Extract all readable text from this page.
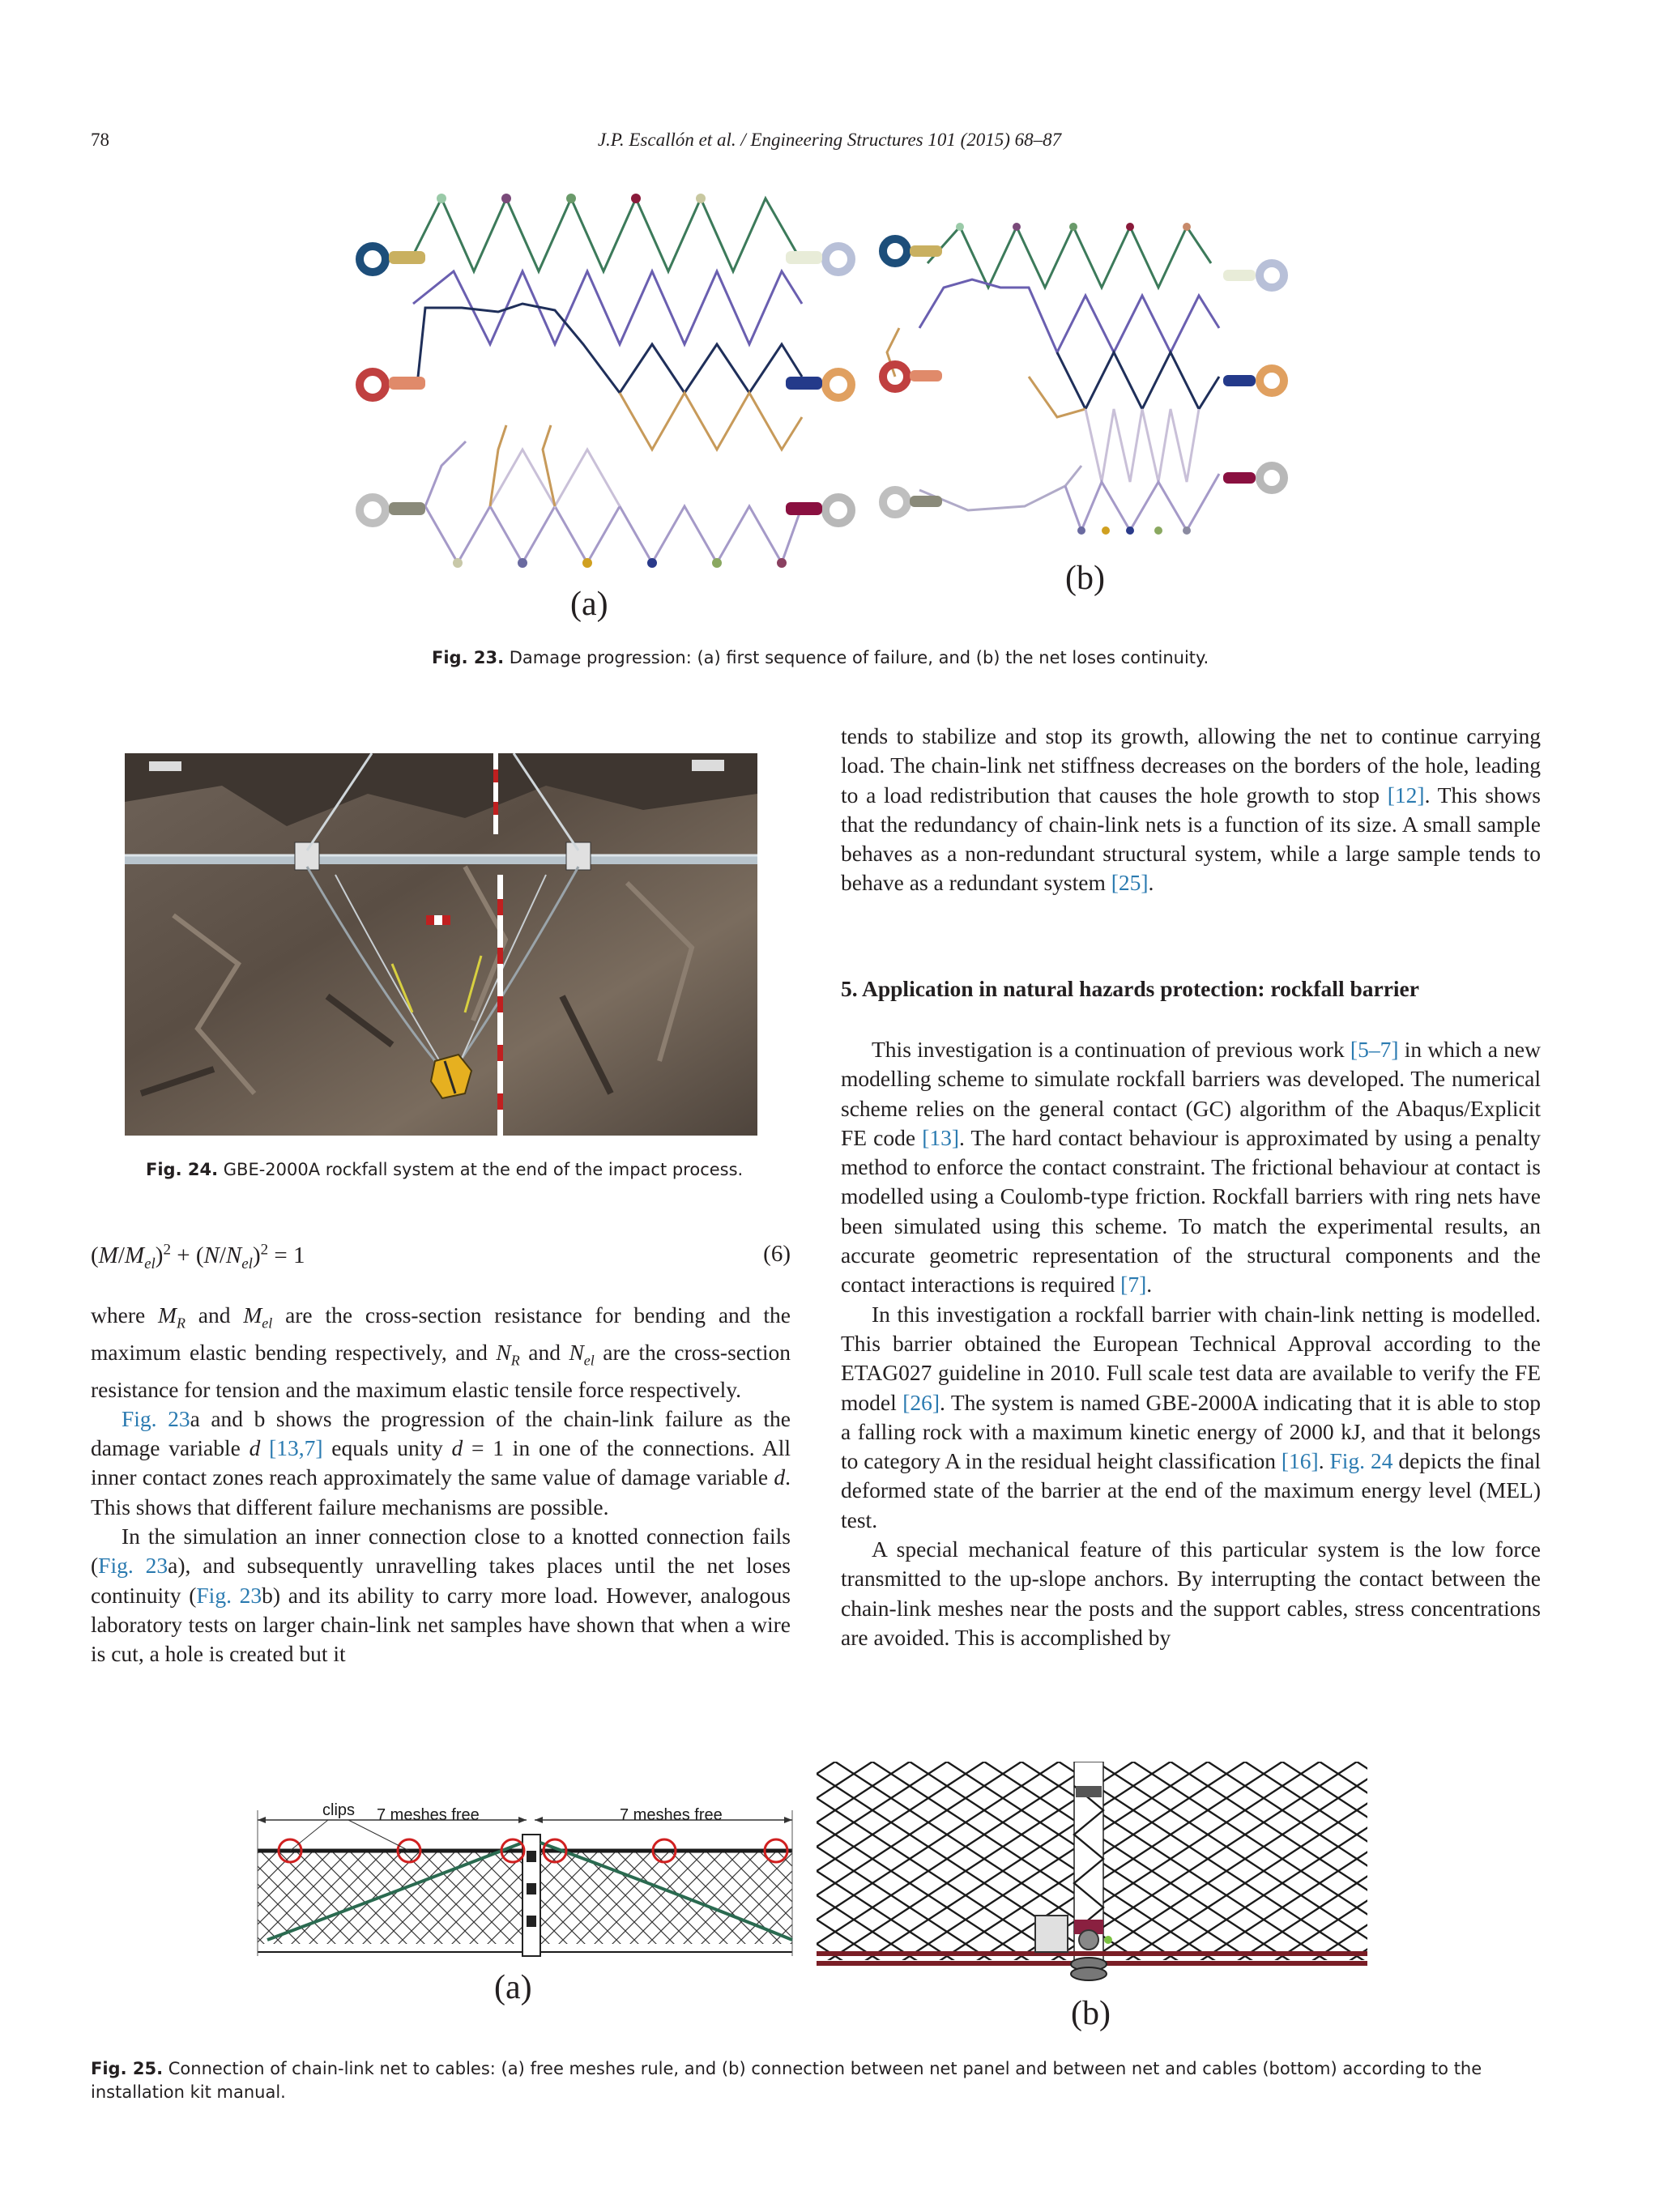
78	J.P. Escallón et al. / Engineering Structures 101 (2015) 68–87
(a)
(b)
Fig. 23. Damage progression: (a) first sequence of failure, and (b) the net loses continuity.
Fig. 24. GBE-2000A rockfall system at the end of the impact process.
$(M/M_{el})^2 + (N/N_{el})^2 = 1$	(6)

where $M_R$ and $M_{el}$ are the cross-section resistance for bending and the maximum elastic bending respectively, and $N_R$ and $N_{el}$ are the cross-section resistance for tension and the maximum elastic tensile force respectively.

Fig. 23a and b shows the progression of the chain-link failure as the damage variable d [13,7] equals unity d = 1 in one of the connections. All inner contact zones reach approximately the same value of damage variable d. This shows that different failure mechanisms are possible.

In the simulation an inner connection close to a knotted connection fails (Fig. 23a), and subsequently unravelling takes places until the net loses continuity (Fig. 23b) and its ability to carry more load. However, analogous laboratory tests on larger chain-link net samples have shown that when a wire is cut, a hole is created but it

tends to stabilize and stop its growth, allowing the net to continue carrying load. The chain-link net stiffness decreases on the borders of the hole, leading to a load redistribution that causes the hole growth to stop [12]. This shows that the redundancy of chain-link nets is a function of its size. A small sample behaves as a non-redundant structural system, while a large sample tends to behave as a redundant system [25].

5. Application in natural hazards protection: rockfall barrier

This investigation is a continuation of previous work [5–7] in which a new modelling scheme to simulate rockfall barriers was developed. The numerical scheme relies on the general contact (GC) algorithm of the Abaqus/Explicit FE code [13]. The hard contact behaviour is approximated by using a penalty method to enforce the contact constraint. The frictional behaviour at contact is modelled using a Coulomb-type friction. Rockfall barriers with ring nets have been simulated using this scheme. To match the experimental results, an accurate geometric representation of the structural components and the contact interactions is required [7].

In this investigation a rockfall barrier with chain-link netting is modelled. This barrier obtained the European Technical Approval according to the ETAG027 guideline in 2010. Full scale test data are available to verify the FE model [26]. The system is named GBE-2000A indicating that it is able to stop a falling rock with a maximum kinetic energy of 2000 kJ, and that it belongs to category A in the residual height classification [16]. Fig. 24 depicts the final deformed state of the barrier at the end of the maximum energy level (MEL) test.

A special mechanical feature of this particular system is the low force transmitted to the up-slope anchors. By interrupting the contact between the chain-link meshes near the posts and the support cables, stress concentrations are avoided. This is accomplished by

clips 7 meshes free	7 meshes free
(a)
(b)
Fig. 25. Connection of chain-link net to cables: (a) free meshes rule, and (b) connection between net panel and between net and cables (bottom) according to the installation kit manual.
